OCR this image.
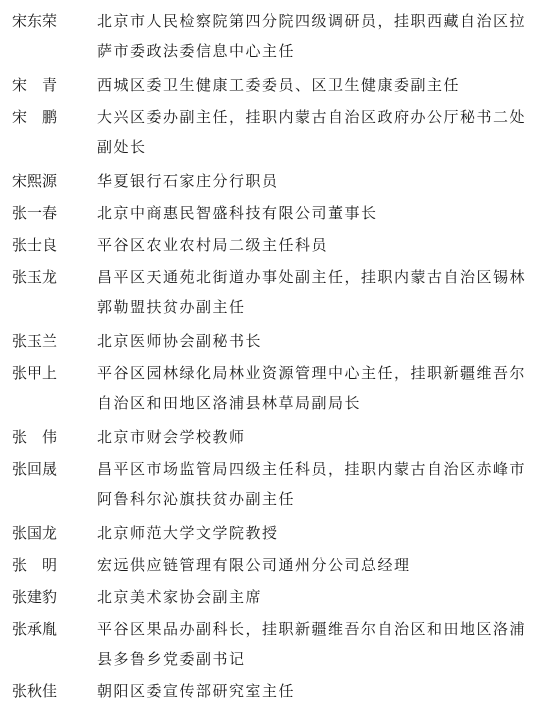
宋东荣	北京市人民检察院第四分院四级调研员，挂职西藏自治区拉萨市委政法委信息中心主任
宋　青	西城区委卫生健康工委委员、区卫生健康委副主任
宋　鹏	大兴区委办副主任，挂职内蒙古自治区政府办公厅秘书二处副处长
宋熙源	华夏银行石家庄分行职员
张一春	北京中商惠民智盛科技有限公司董事长
张士良	平谷区农业农村局二级主任科员
张玉龙	昌平区天通苑北街道办事处副主任，挂职内蒙古自治区锡林郭勒盟扶贫办副主任
张玉兰	北京医师协会副秘书长
张甲上	平谷区园林绿化局林业资源管理中心主任，挂职新疆维吾尔自治区和田地区洛浦县林草局副局长
张　伟	北京市财会学校教师
张回晟	昌平区市场监管局四级主任科员，挂职内蒙古自治区赤峰市阿鲁科尔沁旗扶贫办副主任
张国龙	北京师范大学文学院教授
张　明	宏远供应链管理有限公司通州分公司总经理
张建豹	北京美术家协会副主席
张承胤	平谷区果品办副科长，挂职新疆维吾尔自治区和田地区洛浦县多鲁乡党委副书记
张秋佳	朝阳区委宣传部研究室主任
